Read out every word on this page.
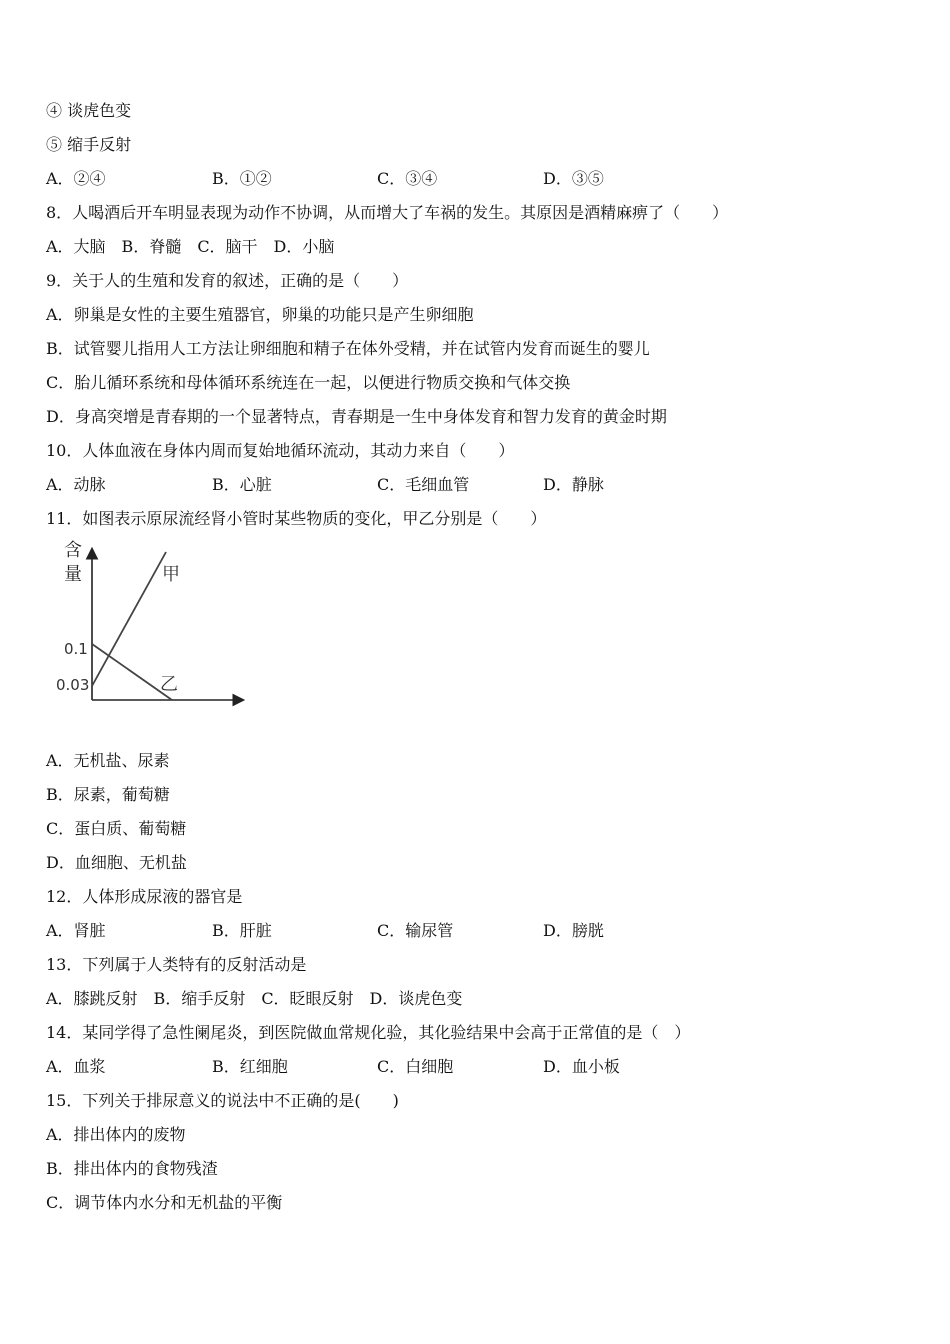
④ 谈虎色变
⑤ 缩手反射
A．②④	B．①②	C．③④	D．③⑤
8．人喝酒后开车明显表现为动作不协调，从而增大了车祸的发生。其原因是酒精麻痹了（　　）
A．大脑　B．脊髓　C．脑干　D．小脑
9．关于人的生殖和发育的叙述，正确的是（　　）
A．卵巢是女性的主要生殖器官，卵巢的功能只是产生卵细胞
B．试管婴儿指用人工方法让卵细胞和精子在体外受精，并在试管内发育而诞生的婴儿
C．胎儿循环系统和母体循环系统连在一起，以便进行物质交换和气体交换
D．身高突增是青春期的一个显著特点，青春期是一生中身体发育和智力发育的黄金时期
10．人体血液在身体内周而复始地循环流动，其动力来自（　　）
A．动脉	B．心脏	C．毛细血管	D．静脉
11．如图表示原尿流经肾小管时某些物质的变化，甲乙分别是（　　）
含
量
0.1
0.03
甲
乙
A．无机盐、尿素
B．尿素，葡萄糖
C．蛋白质、葡萄糖
D．血细胞、无机盐
12．人体形成尿液的器官是
A．肾脏	B．肝脏	C．输尿管	D．膀胱
13．下列属于人类特有的反射活动是
A．膝跳反射　B．缩手反射　C．眨眼反射　D．谈虎色变
14．某同学得了急性阑尾炎，到医院做血常规化验，其化验结果中会高于正常值的是（　）
A．血浆	B．红细胞	C．白细胞	D．血小板
15．下列关于排尿意义的说法中不正确的是(　　)
A．排出体内的废物
B．排出体内的食物残渣
C．调节体内水分和无机盐的平衡
